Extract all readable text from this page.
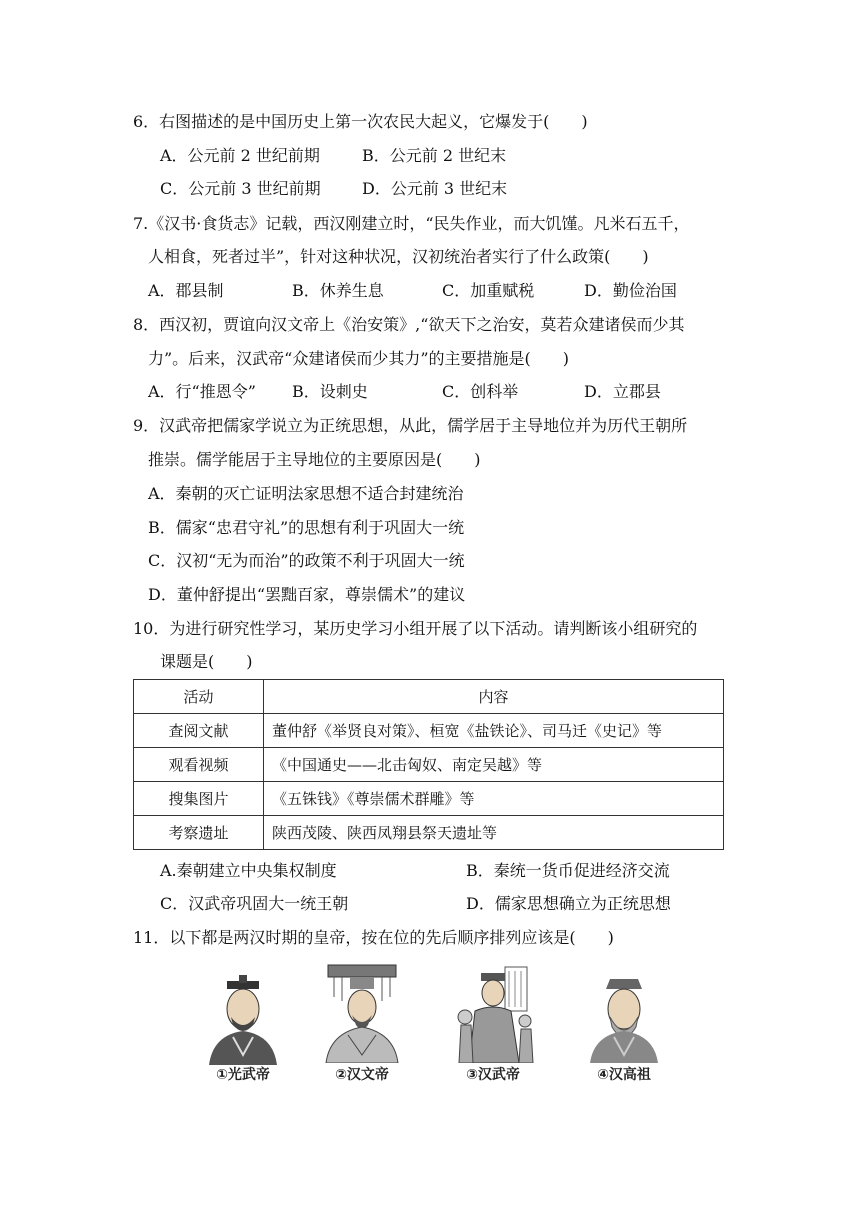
6．右图描述的是中国历史上第一次农民大起义，它爆发于(　　)
A．公元前 2 世纪前期	B．公元前 2 世纪末
C．公元前 3 世纪前期	D．公元前 3 世纪末
7.《汉书·食货志》记载，西汉刚建立时，“民失作业，而大饥馑。凡米石五千，
人相食，死者过半”，针对这种状况，汉初统治者实行了什么政策(　　)
A．郡县制	B．休养生息	C．加重赋税	D．勤俭治国
8．西汉初，贾谊向汉文帝上《治安策》,“欲天下之治安，莫若众建诸侯而少其
力”。后来，汉武帝“众建诸侯而少其力”的主要措施是(　　)
A．行“推恩令” B．设刺史	C．创科举	D．立郡县
9．汉武帝把儒家学说立为正统思想，从此，儒学居于主导地位并为历代王朝所
推崇。儒学能居于主导地位的主要原因是(　　)
A．秦朝的灭亡证明法家思想不适合封建统治
B．儒家“忠君守礼”的思想有利于巩固大一统
C．汉初“无为而治”的政策不利于巩固大一统
D．董仲舒提出“罢黜百家，尊崇儒术”的建议
10．为进行研究性学习，某历史学习小组开展了以下活动。请判断该小组研究的
课题是(　　)
活动	内容
查阅文献	董仲舒《举贤良对策》、桓宽《盐铁论》、司马迁《史记》等
观看视频	《中国通史——北击匈奴、南定吴越》等
搜集图片	《五铢钱》《尊崇儒术群雕》等
考察遗址	陕西茂陵、陕西凤翔县祭天遗址等
A.秦朝建立中央集权制度	B．秦统一货币促进经济交流
C．汉武帝巩固大一统王朝	D．儒家思想确立为正统思想
11．以下都是两汉时期的皇帝，按在位的先后顺序排列应该是(　　)
①光武帝	②汉文帝	③汉武帝	④汉高祖
